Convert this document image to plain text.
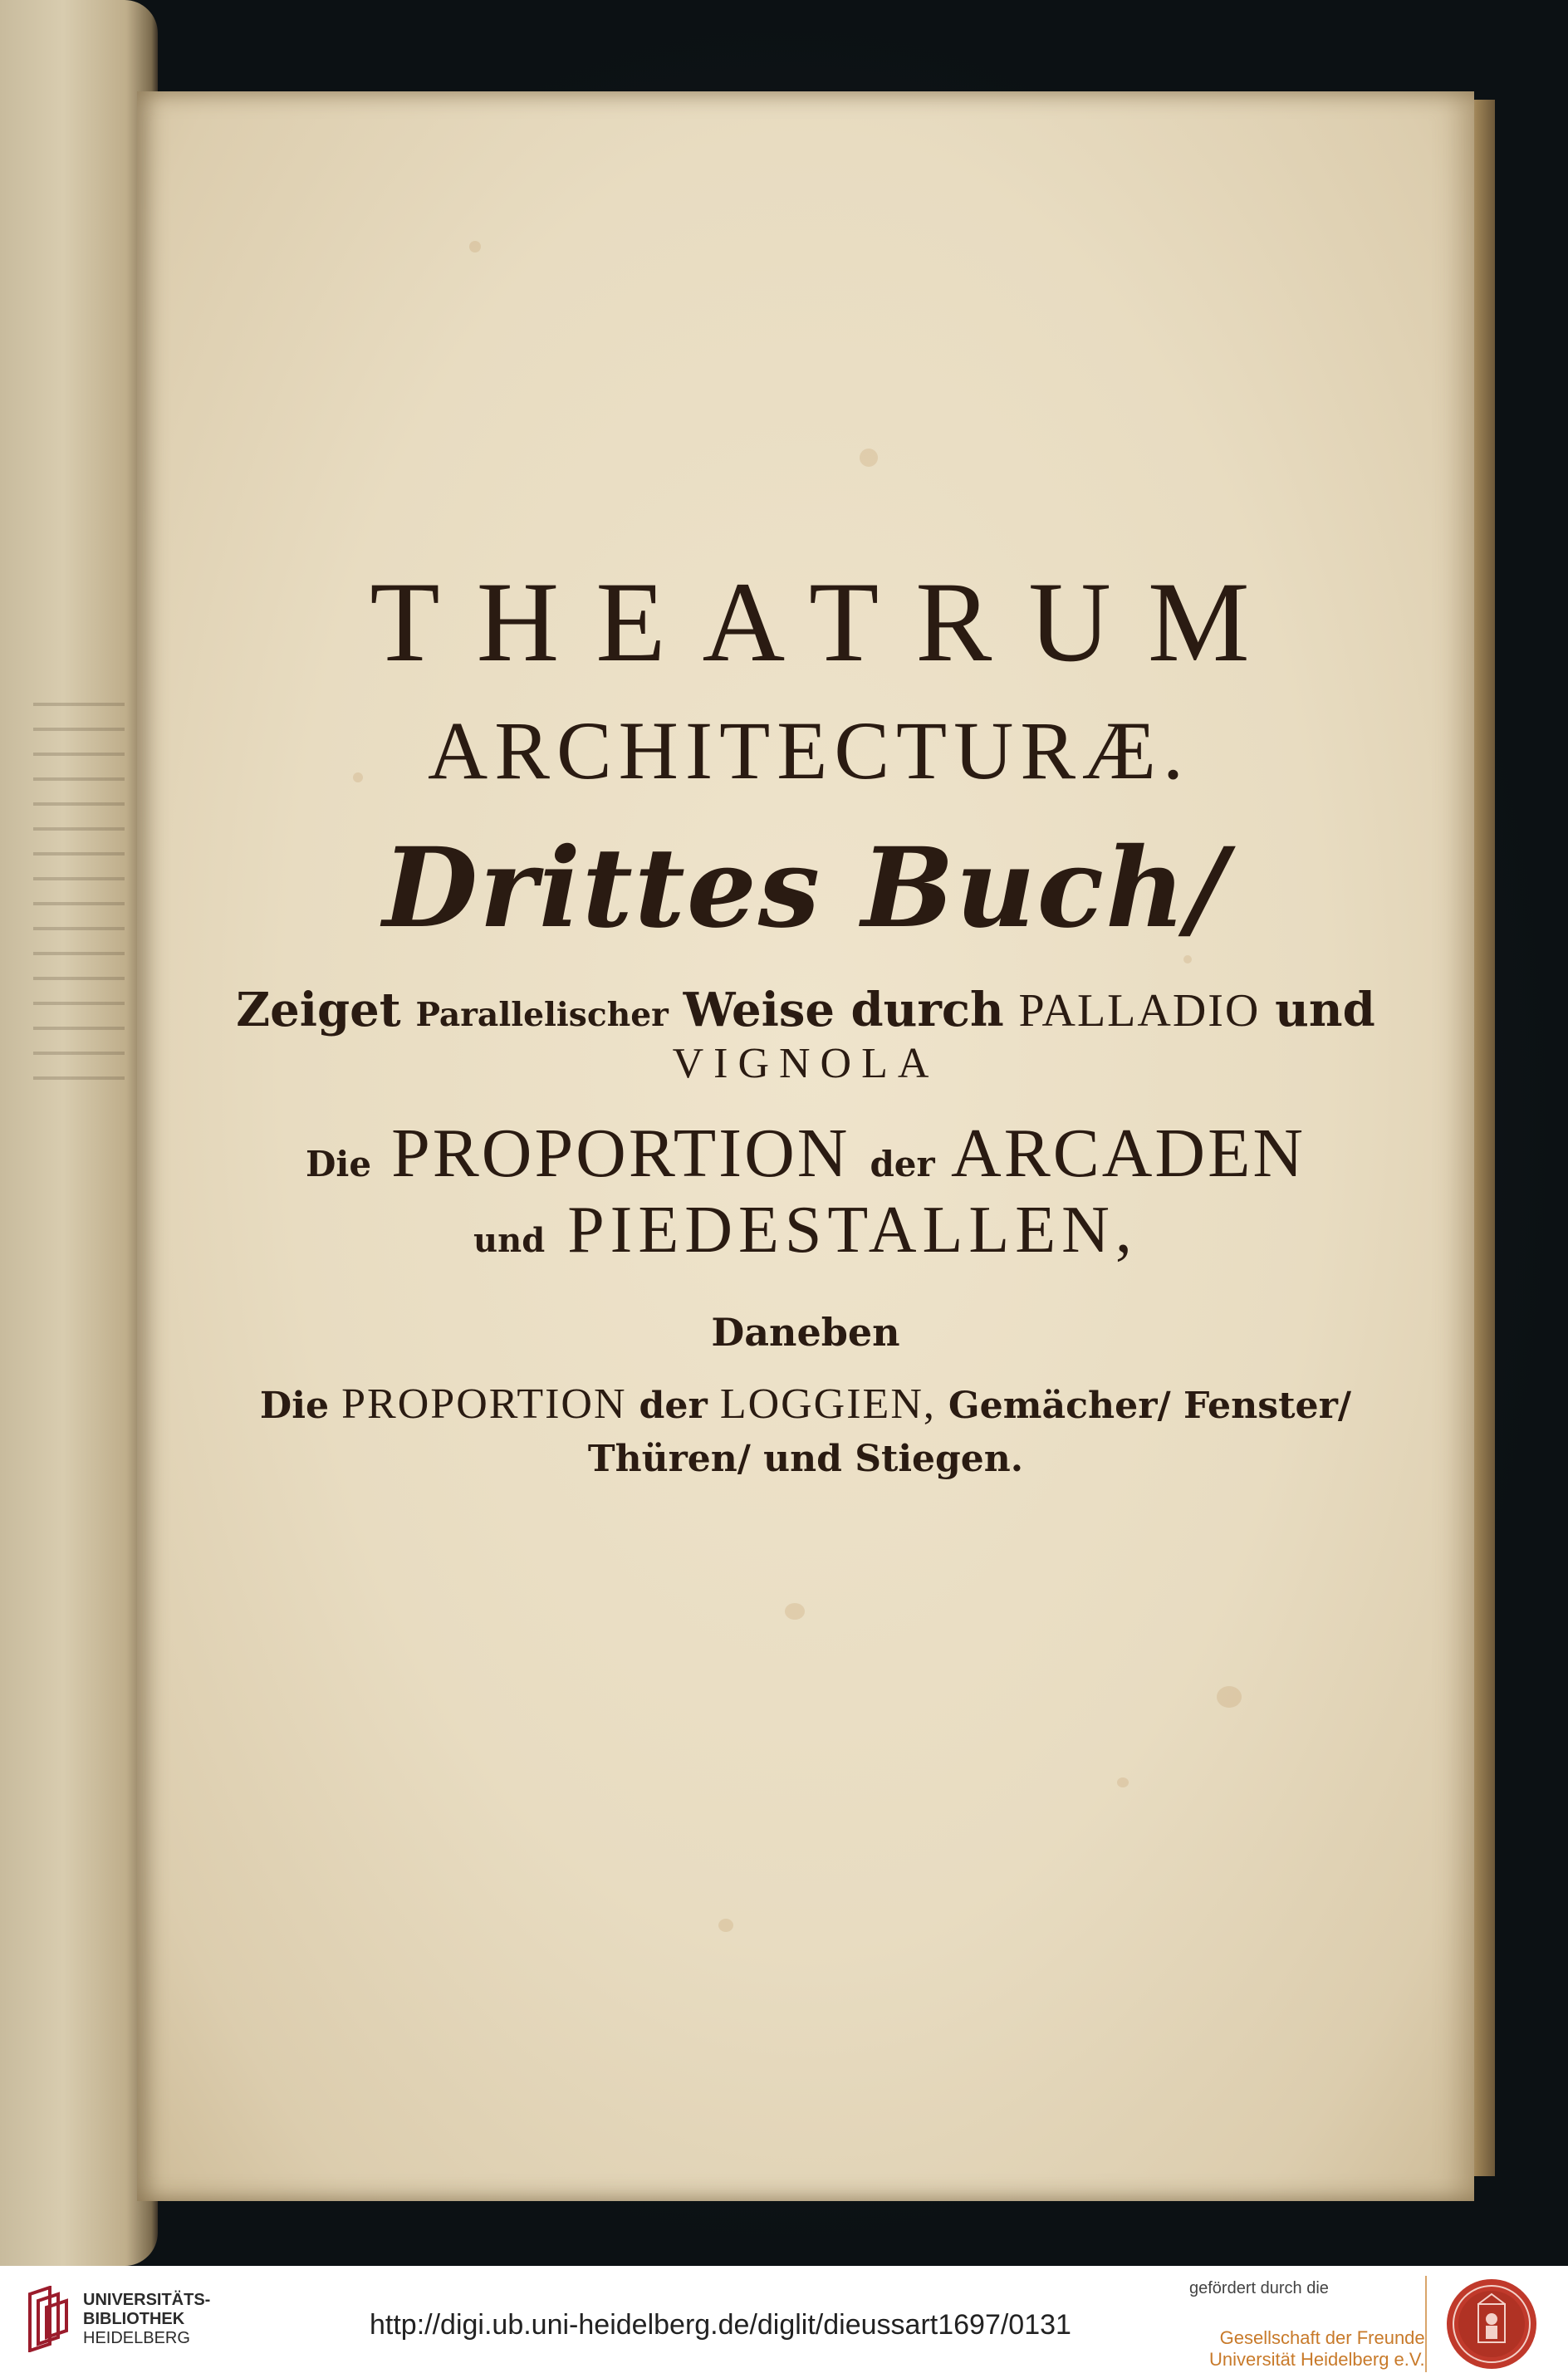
THEATRUM

ARCHITECTURÆ.

Drittes Buch/

Zeiget Parallelischer Weise durch PALLADIO und

VIGNOLA

Die PROPORTION der ARCADEN

und PIEDESTALLEN,

Daneben

Die PROPORTION der LOGGIEN, Gemächer/ Fenster/

Thüren/ und Stiegen.

UNIVERSITÄTS-
BIBLIOTHEK
HEIDELBERG	http://digi.ub.uni-heidelberg.de/diglit/dieussart1697/0131
gefördert durch die
Gesellschaft der Freunde
Universität Heidelberg e.V.
